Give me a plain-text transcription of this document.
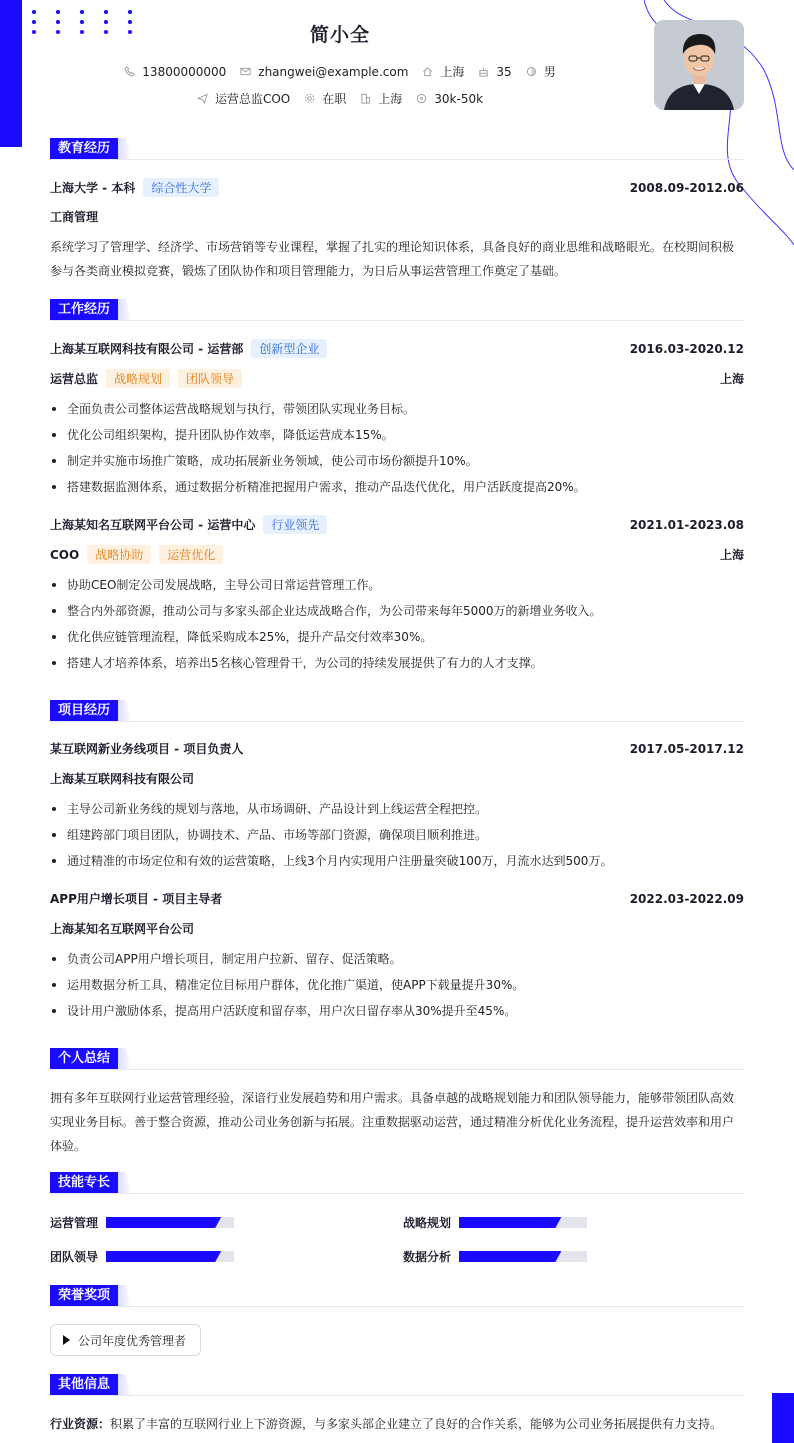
简小全
13800000000	zhangwei@example.com	上海	35	男
运营总监COO	在职	上海	30k-50k
教育经历
上海大学 - 本科	综合性大学	2008.09-2012.06
工商管理
系统学习了管理学、经济学、市场营销等专业课程，掌握了扎实的理论知识体系，具备良好的商业思维和战略眼光。在校期间积极参与各类商业模拟竞赛，锻炼了团队协作和项目管理能力，为日后从事运营管理工作奠定了基础。
工作经历
上海某互联网科技有限公司 - 运营部	创新型企业	2016.03-2020.12
运营总监	战略规划	团队领导	上海
全面负责公司整体运营战略规划与执行，带领团队实现业务目标。
优化公司组织架构，提升团队协作效率，降低运营成本15%。
制定并实施市场推广策略，成功拓展新业务领域，使公司市场份额提升10%。
搭建数据监测体系，通过数据分析精准把握用户需求，推动产品迭代优化，用户活跃度提高20%。
上海某知名互联网平台公司 - 运营中心	行业领先	2021.01-2023.08
COO	战略协助	运营优化	上海
协助CEO制定公司发展战略，主导公司日常运营管理工作。
整合内外部资源，推动公司与多家头部企业达成战略合作，为公司带来每年5000万的新增业务收入。
优化供应链管理流程，降低采购成本25%，提升产品交付效率30%。
搭建人才培养体系，培养出5名核心管理骨干，为公司的持续发展提供了有力的人才支撑。
项目经历
某互联网新业务线项目 - 项目负责人	2017.05-2017.12
上海某互联网科技有限公司
主导公司新业务线的规划与落地，从市场调研、产品设计到上线运营全程把控。
组建跨部门项目团队，协调技术、产品、市场等部门资源，确保项目顺利推进。
通过精准的市场定位和有效的运营策略，上线3个月内实现用户注册量突破100万，月流水达到500万。
APP用户增长项目 - 项目主导者	2022.03-2022.09
上海某知名互联网平台公司
负责公司APP用户增长项目，制定用户拉新、留存、促活策略。
运用数据分析工具，精准定位目标用户群体，优化推广渠道，使APP下载量提升30%。
设计用户激励体系，提高用户活跃度和留存率，用户次日留存率从30%提升至45%。
个人总结
拥有多年互联网行业运营管理经验，深谙行业发展趋势和用户需求。具备卓越的战略规划能力和团队领导能力，能够带领团队高效实现业务目标。善于整合资源，推动公司业务创新与拓展。注重数据驱动运营，通过精准分析优化业务流程，提升运营效率和用户体验。
技能专长
运营管理	战略规划
团队领导	数据分析
荣誉奖项
公司年度优秀管理者
其他信息
行业资源：积累了丰富的互联网行业上下游资源，与多家头部企业建立了良好的合作关系，能够为公司业务拓展提供有力支持。
